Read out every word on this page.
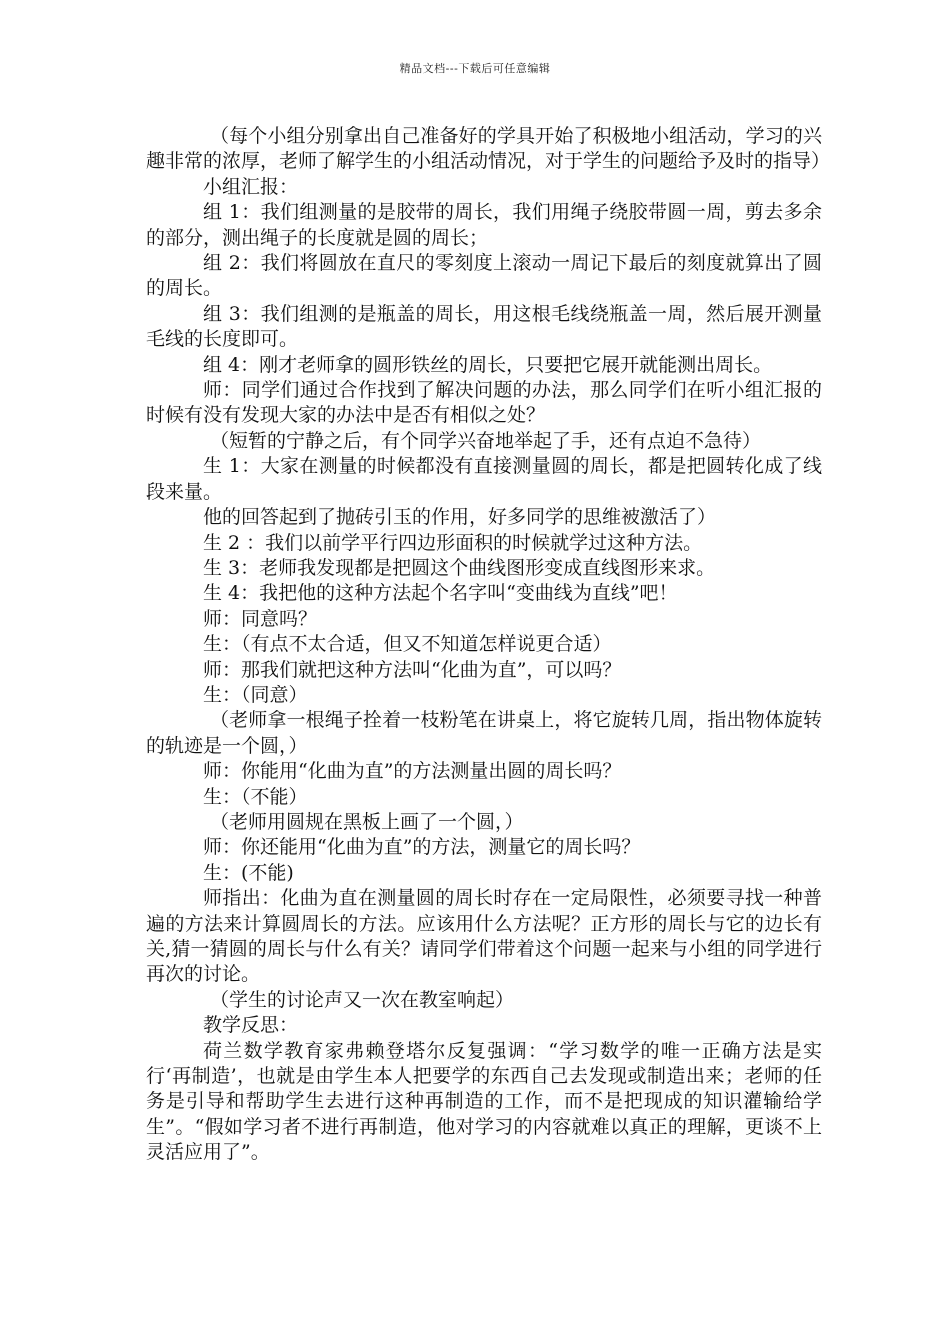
精品文档---下载后可任意编辑

（每个小组分别拿出自己准备好的学具开始了积极地小组活动，学习的兴趣非常的浓厚，老师了解学生的小组活动情况，对于学生的问题给予及时的指导）

小组汇报：

组 1：我们组测量的是胶带的周长，我们用绳子绕胶带圆一周，剪去多余的部分，测出绳子的长度就是圆的周长；

组 2：我们将圆放在直尺的零刻度上滚动一周记下最后的刻度就算出了圆的周长。

组 3：我们组测的是瓶盖的周长，用这根毛线绕瓶盖一周，然后展开测量毛线的长度即可。

组 4：刚才老师拿的圆形铁丝的周长，只要把它展开就能测出周长。

师：同学们通过合作找到了解决问题的办法，那么同学们在听小组汇报的时候有没有发现大家的办法中是否有相似之处？

（短暂的宁静之后，有个同学兴奋地举起了手，还有点迫不急待）

生 1：大家在测量的时候都没有直接测量圆的周长，都是把圆转化成了线段来量。

他的回答起到了抛砖引玉的作用，好多同学的思维被激活了）

生 2 ：我们以前学平行四边形面积的时候就学过这种方法。

生 3：老师我发现都是把圆这个曲线图形变成直线图形来求。

生 4：我把他的这种方法起个名字叫“变曲线为直线”吧！

师：同意吗？

生：（有点不太合适，但又不知道怎样说更合适）

师：那我们就把这种方法叫“化曲为直”，可以吗？

生：（同意）

（老师拿一根绳子拴着一枝粉笔在讲桌上，将它旋转几周，指出物体旋转的轨迹是一个圆，）

师：你能用“化曲为直”的方法测量出圆的周长吗？

生：（不能）

（老师用圆规在黑板上画了一个圆，）

师：你还能用“化曲为直”的方法，测量它的周长吗？

生：(不能)

师指出：化曲为直在测量圆的周长时存在一定局限性，必须要寻找一种普遍的方法来计算圆周长的方法。应该用什么方法呢？正方形的周长与它的边长有关,猜一猜圆的周长与什么有关？请同学们带着这个问题一起来与小组的同学进行再次的讨论。

（学生的讨论声又一次在教室响起）

教学反思：

荷兰数学教育家弗赖登塔尔反复强调：“学习数学的唯一正确方法是实行‘再制造’，也就是由学生本人把要学的东西自己去发现或制造出来；老师的任务是引导和帮助学生去进行这种再制造的工作，而不是把现成的知识灌输给学生”。“假如学习者不进行再制造，他对学习的内容就难以真正的理解，更谈不上灵活应用了”。
